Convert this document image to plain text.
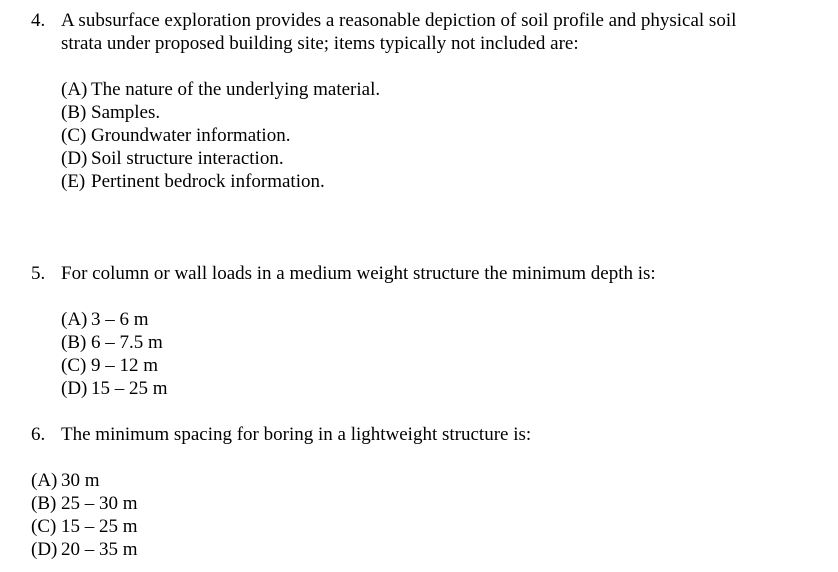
4. A subsurface exploration provides a reasonable depiction of soil profile and physical soil
strata under proposed building site; items typically not included are:
(A) The nature of the underlying material.
(B) Samples.
(C) Groundwater information.
(D) Soil structure interaction.
(E) Pertinent bedrock information.
5. For column or wall loads in a medium weight structure the minimum depth is:
(A) 3 – 6 m
(B) 6 – 7.5 m
(C) 9 – 12 m
(D) 15 – 25 m
6. The minimum spacing for boring in a lightweight structure is:
(A) 30 m
(B) 25 – 30 m
(C) 15 – 25 m
(D) 20 – 35 m
